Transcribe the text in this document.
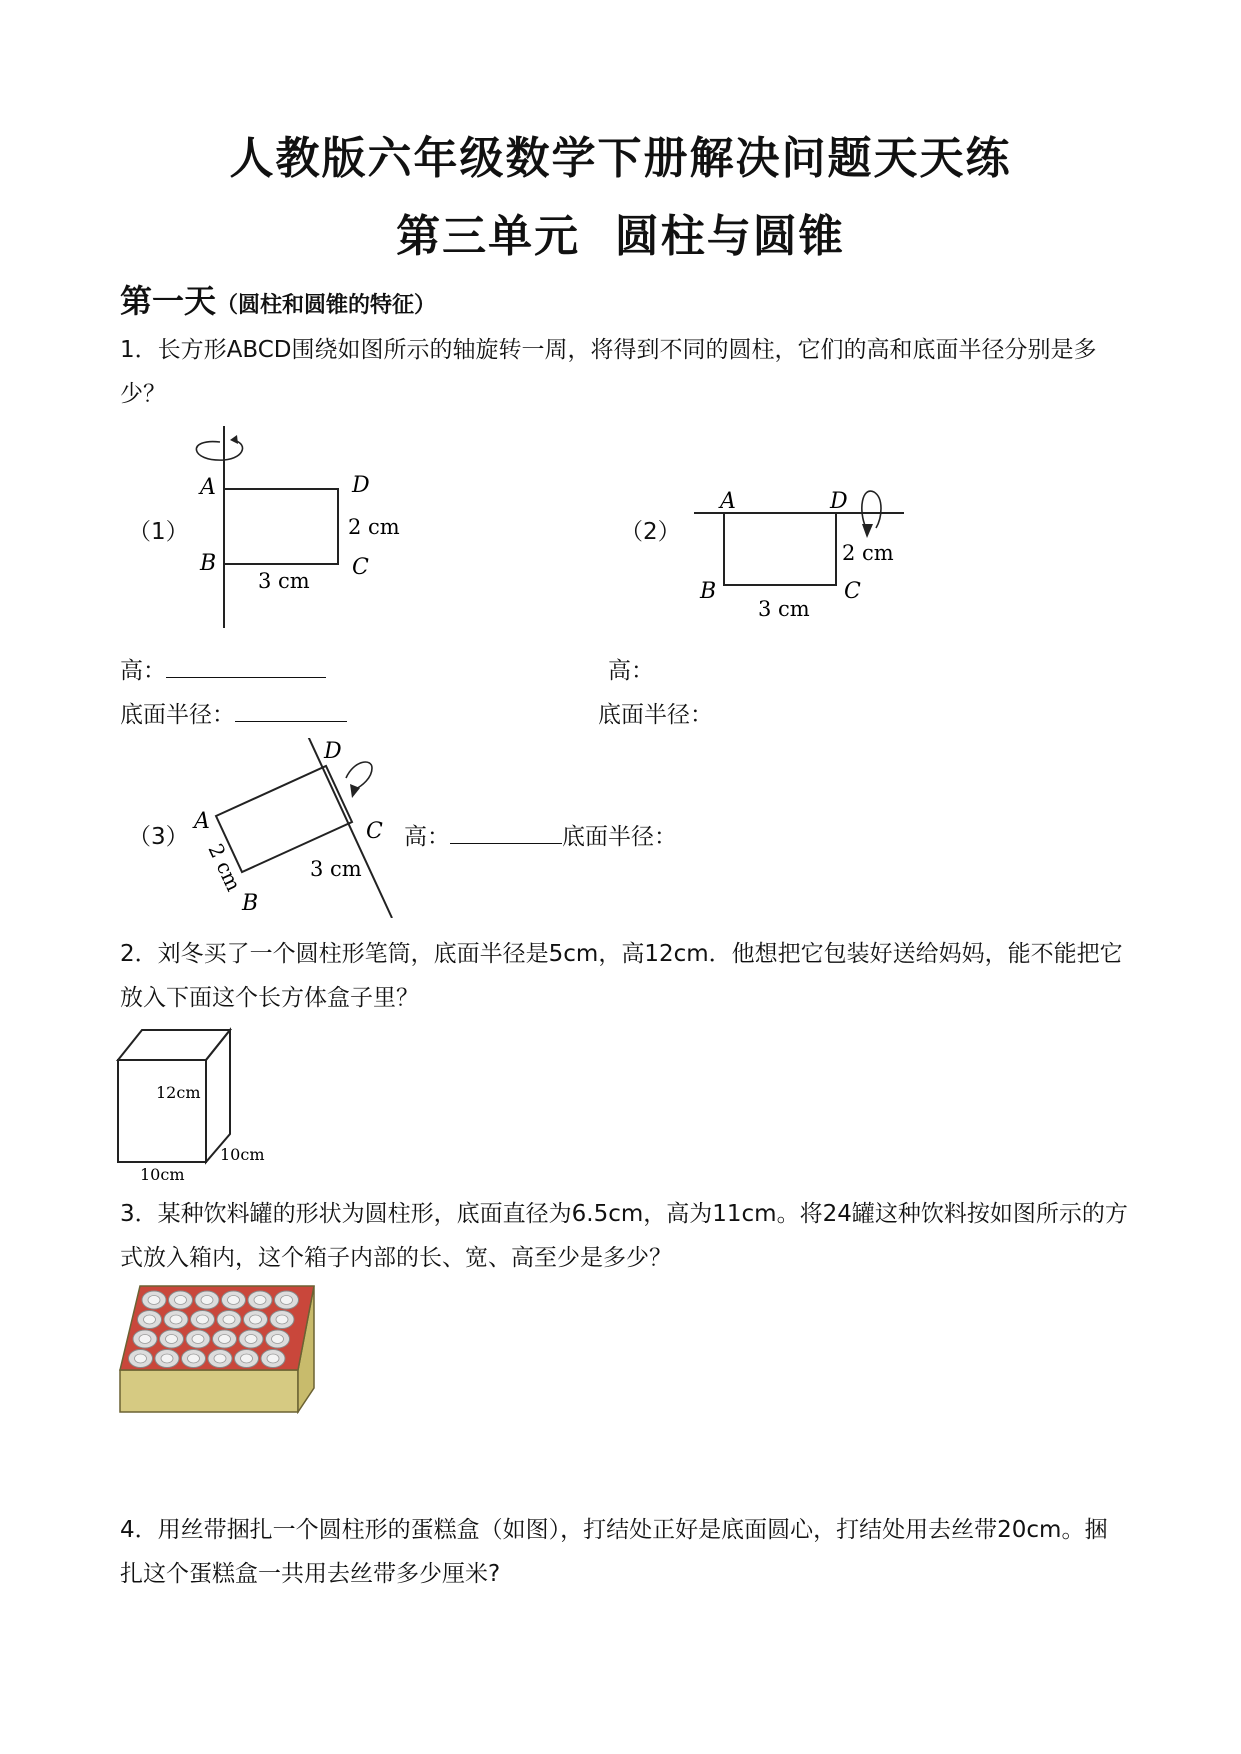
人教版六年级数学下册解决问题天天练
第三单元  圆柱与圆锥
第一天（圆柱和圆锥的特征）
1．长方形ABCD围绕如图所示的轴旋转一周，将得到不同的圆柱，它们的高和底面半径分别是多少？
（1）
A	D
B	C
2 cm
3 cm
（2）
A	D
B	C
2 cm
3 cm
高：	高：
底面半径：	底面半径：
（3）
A
D
C
B
2 cm	3 cm
高：	底面半径：
2．刘冬买了一个圆柱形笔筒，底面半径是5cm，高12cm．他想把它包装好送给妈妈，能不能把它放入下面这个长方体盒子里？
12cm
10cm
10cm
3．某种饮料罐的形状为圆柱形，底面直径为6.5cm，高为11cm。将24罐这种饮料按如图所示的方式放入箱内，这个箱子内部的长、宽、高至少是多少？
4．用丝带捆扎一个圆柱形的蛋糕盒（如图），打结处正好是底面圆心，打结处用去丝带20cm。捆扎这个蛋糕盒一共用去丝带多少厘米?
